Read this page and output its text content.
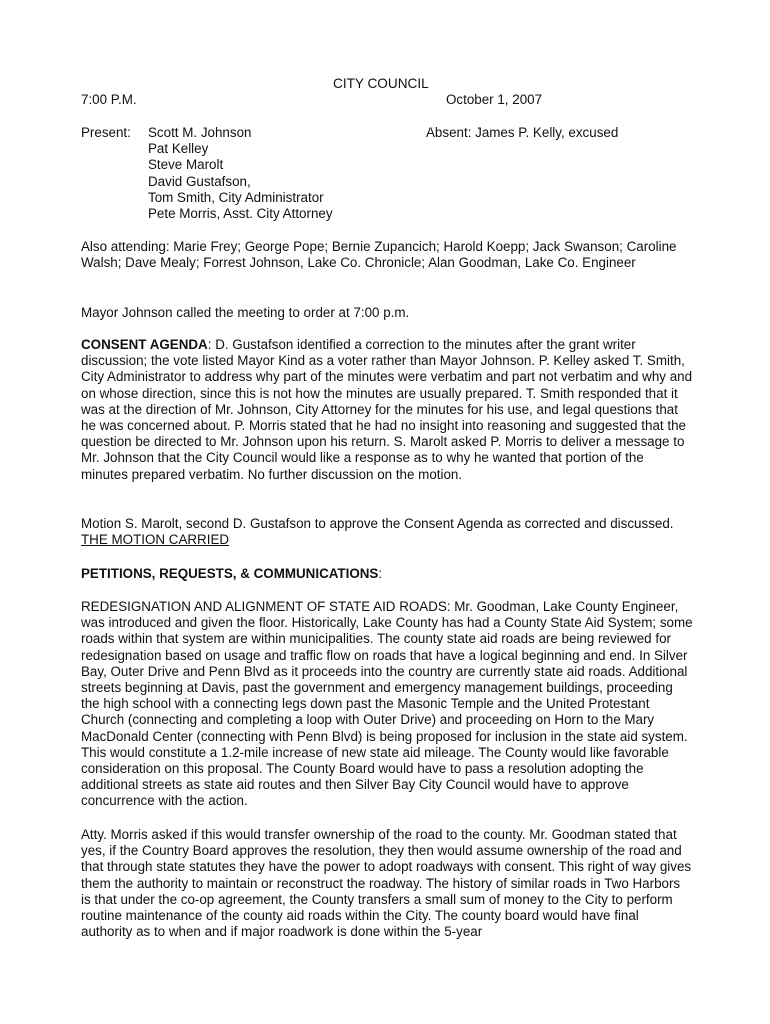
CITY COUNCIL
7:00 P.M.	October 1, 2007
Present: Scott M. Johnson
Pat Kelley
Steve Marolt
David Gustafson,
Tom Smith, City Administrator
Pete Morris, Asst. City Attorney
Absent: James P. Kelly, excused

Also attending: Marie Frey; George Pope; Bernie Zupancich; Harold Koepp; Jack Swanson; Caroline Walsh; Dave Mealy; Forrest Johnson, Lake Co. Chronicle; Alan Goodman, Lake Co. Engineer

Mayor Johnson called the meeting to order at 7:00 p.m.

CONSENT AGENDA: D. Gustafson identified a correction to the minutes after the grant writer discussion; the vote listed Mayor Kind as a voter rather than Mayor Johnson. P. Kelley asked T. Smith, City Administrator to address why part of the minutes were verbatim and part not verbatim and why and on whose direction, since this is not how the minutes are usually prepared. T. Smith responded that it was at the direction of Mr. Johnson, City Attorney for the minutes for his use, and legal questions that he was concerned about. P. Morris stated that he had no insight into reasoning and suggested that the question be directed to Mr. Johnson upon his return. S. Marolt asked P. Morris to deliver a message to Mr. Johnson that the City Council would like a response as to why he wanted that portion of the minutes prepared verbatim. No further discussion on the motion.

Motion S. Marolt, second D. Gustafson to approve the Consent Agenda as corrected and discussed. THE MOTION CARRIED

PETITIONS, REQUESTS, & COMMUNICATIONS:

REDESIGNATION AND ALIGNMENT OF STATE AID ROADS: Mr. Goodman, Lake County Engineer, was introduced and given the floor. Historically, Lake County has had a County State Aid System; some roads within that system are within municipalities. The county state aid roads are being reviewed for redesignation based on usage and traffic flow on roads that have a logical beginning and end. In Silver Bay, Outer Drive and Penn Blvd as it proceeds into the country are currently state aid roads. Additional streets beginning at Davis, past the government and emergency management buildings, proceeding the high school with a connecting legs down past the Masonic Temple and the United Protestant Church (connecting and completing a loop with Outer Drive) and proceeding on Horn to the Mary MacDonald Center (connecting with Penn Blvd) is being proposed for inclusion in the state aid system. This would constitute a 1.2-mile increase of new state aid mileage. The County would like favorable consideration on this proposal. The County Board would have to pass a resolution adopting the additional streets as state aid routes and then Silver Bay City Council would have to approve concurrence with the action.

Atty. Morris asked if this would transfer ownership of the road to the county. Mr. Goodman stated that yes, if the Country Board approves the resolution, they then would assume ownership of the road and that through state statutes they have the power to adopt roadways with consent. This right of way gives them the authority to maintain or reconstruct the roadway. The history of similar roads in Two Harbors is that under the co-op agreement, the County transfers a small sum of money to the City to perform routine maintenance of the county aid roads within the City. The county board would have final authority as to when and if major roadwork is done within the 5-year
